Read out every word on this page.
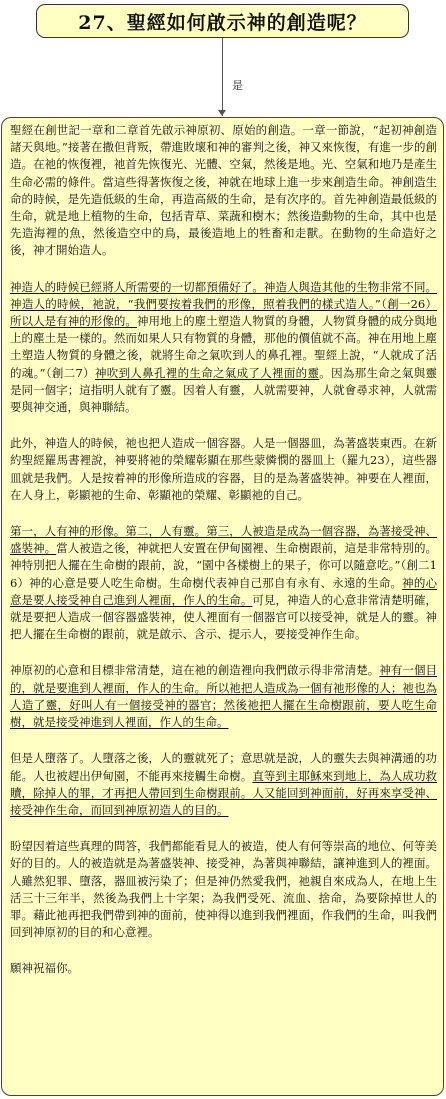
27、聖經如何啟示神的創造呢？
是

聖經在創世記一章和二章首先啟示神原初、原始的創造。一章一節說，“起初神創造諸天與地。”接著在撒但背叛，帶進敗壞和神的審判之後，神又來恢復，有進一步的創造。在祂的恢復裡，祂首先恢復光、光體、空氣，然後是地。光、空氣和地乃是產生生命必需的條件。當這些得著恢復之後，神就在地球上進一步來創造生命。神創造生命的時候，是先造低級的生命，再造高級的生命，是有次序的。首先神創造最低級的生命，就是地上植物的生命，包括青草、菜蔬和樹木；然後造動物的生命，其中也是先造海裡的魚，然後造空中的鳥，最後造地上的牲畜和走獸。在動物的生命造好之後，神才開始造人。

神造人的時候已經將人所需要的一切都預備好了。神造人與造其他的生物非常不同。神造人的時候，祂說，“我們要按着我們的形像，照着我們的樣式造人。”（創一26）所以人是有神的形像的。神用地上的塵土塑造人物質的身體，人物質身體的成分與地上的塵土是一樣的。然而如果人只有物質的身體，那他的價值就不高。神在用地上塵土塑造人物質的身體之後，就將生命之氣吹到人的鼻孔裡。聖經上說，“人就成了活的魂。”（創二7）神吹到人鼻孔裡的生命之氣成了人裡面的靈。因為那生命之氣與靈是同一個字；這指明人就有了靈。因着人有靈，人就需要神，人就會尋求神，人就需要與神交通，與神聯結。

此外，神造人的時候，祂也把人造成一個容器。人是一個器皿，為著盛裝東西。在新約聖經羅馬書裡說，神要將祂的榮耀彰顯在那些蒙憐憫的器皿上（羅九23），這些器皿就是我們。人是按着神的形像所造成的容器，目的是為著盛裝神。神要在人裡面，在人身上，彰顯祂的生命、彰顯祂的榮耀、彰顯祂的自己。

第一，人有神的形像。第二，人有靈。第三，人被造是成為一個容器，為著接受神、盛裝神。當人被造之後，神就把人安置在伊甸園裡、生命樹跟前，這是非常特別的。神特別把人擺在生命樹的跟前，說，“園中各樣樹上的果子，你可以隨意吃。”（創二16）神的心意是要人吃生命樹。生命樹代表神自己那自有永有、永遠的生命。神的心意是要人接受神自己進到人裡面，作人的生命。可見，神造人的心意非常清楚明確，就是要把人造成一個容器盛裝神，使人裡面有一個器官可以接受神，就是人的靈。神把人擺在生命樹的跟前，就是啟示、含示、提示人，要接受神作生命。

神原初的心意和目標非常清楚，這在祂的創造裡向我們啟示得非常清楚。神有一個目的，就是要進到人裡面，作人的生命。所以祂把人造成為一個有祂形像的人；祂也為人造了靈，好叫人有一個接受神的器官；然後祂把人擺在生命樹跟前，要人吃生命樹，就是接受神進到人裡面，作人的生命。

但是人墮落了。人墮落之後，人的靈就死了；意思就是說，人的靈失去與神溝通的功能。人也被趕出伊甸園，不能再來接觸生命樹。直等到主耶穌來到地上，為人成功救贖，除掉人的罪，才再把人帶回到生命樹跟前。人又能回到神面前，好再來享受神、接受神作生命，而回到神原初造人的目的。

盼望因着這些真理的問答，我們都能看見人的被造，使人有何等崇高的地位、何等美好的目的。人的被造就是為著盛裝神、接受神，為著與神聯結，讓神進到人的裡面。人雖然犯罪、墮落，器皿被污染了；但是神仍然愛我們，祂親自來成為人，在地上生活三十三年半，然後為我們上十字架；為我們受死、流血、捨命，為要除掉世人的罪。藉此祂再把我們帶到神的面前，使神得以進到我們裡面，作我們的生命，叫我們回到神原初的目的和心意裡。

願神祝福你。
